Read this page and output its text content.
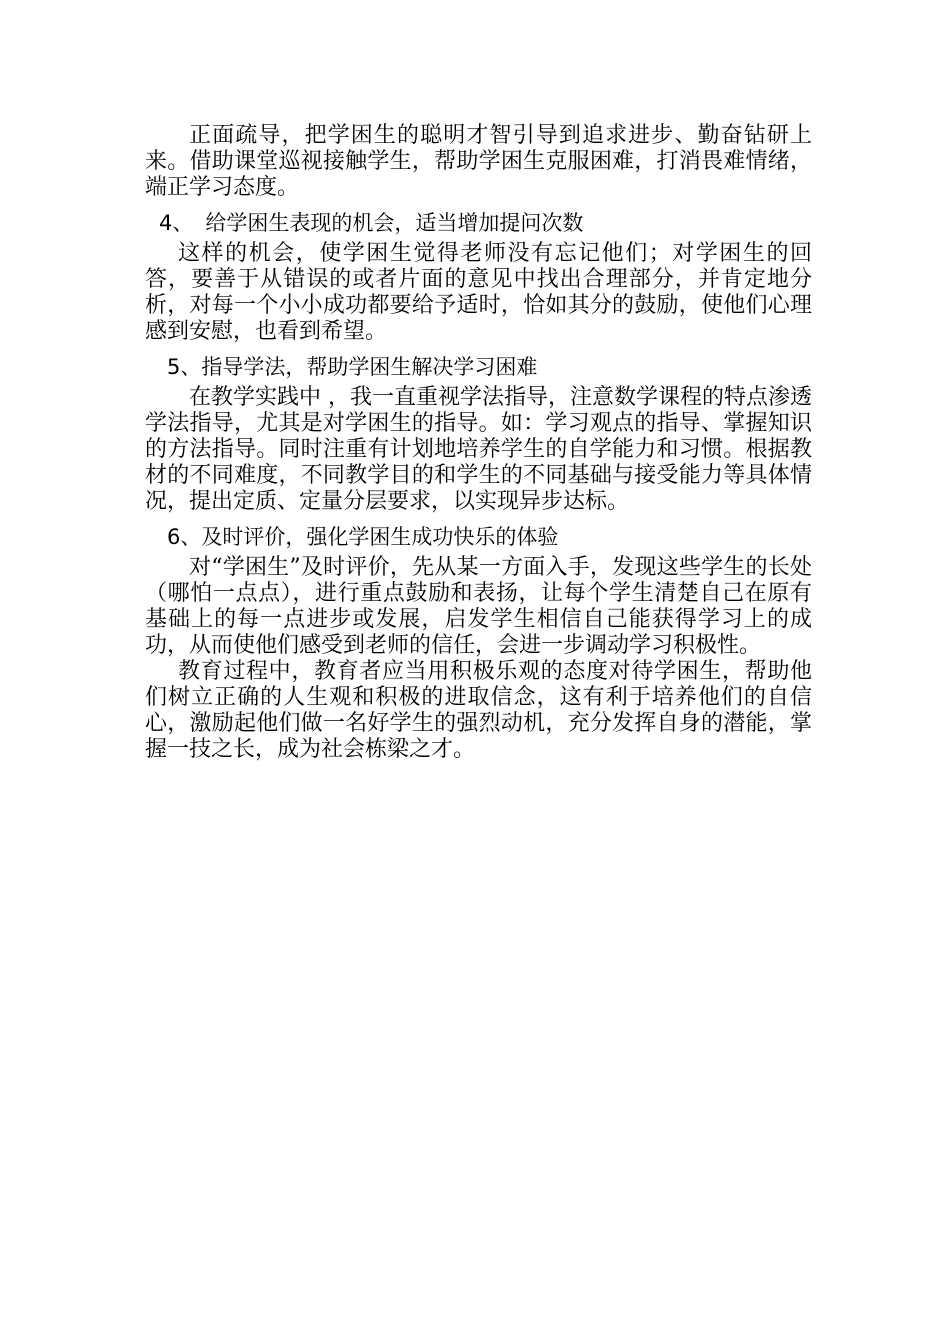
正面疏导，把学困生的聪明才智引导到追求进步、勤奋钻研上来。借助课堂巡视接触学生，帮助学困生克服困难，打消畏难情绪，端正学习态度。

4、 给学困生表现的机会，适当增加提问次数

这样的机会，使学困生觉得老师没有忘记他们；对学困生的回答，要善于从错误的或者片面的意见中找出合理部分，并肯定地分析，对每一个小小成功都要给予适时，恰如其分的鼓励，使他们心理感到安慰，也看到希望。

5、指导学法，帮助学困生解决学习困难

在教学实践中 ，我一直重视学法指导，注意数学课程的特点渗透学法指导，尤其是对学困生的指导。如：学习观点的指导、掌握知识的方法指导。同时注重有计划地培养学生的自学能力和习惯。根据教材的不同难度，不同教学目的和学生的不同基础与接受能力等具体情况，提出定质、定量分层要求，以实现异步达标。

6、及时评价，强化学困生成功快乐的体验

对“学困生”及时评价，先从某一方面入手，发现这些学生的长处（哪怕一点点），进行重点鼓励和表扬，让每个学生清楚自己在原有基础上的每一点进步或发展，启发学生相信自己能获得学习上的成功，从而使他们感受到老师的信任，会进一步调动学习积极性。

教育过程中，教育者应当用积极乐观的态度对待学困生，帮助他们树立正确的人生观和积极的进取信念，这有利于培养他们的自信心，激励起他们做一名好学生的强烈动机，充分发挥自身的潜能，掌握一技之长，成为社会栋梁之才。
